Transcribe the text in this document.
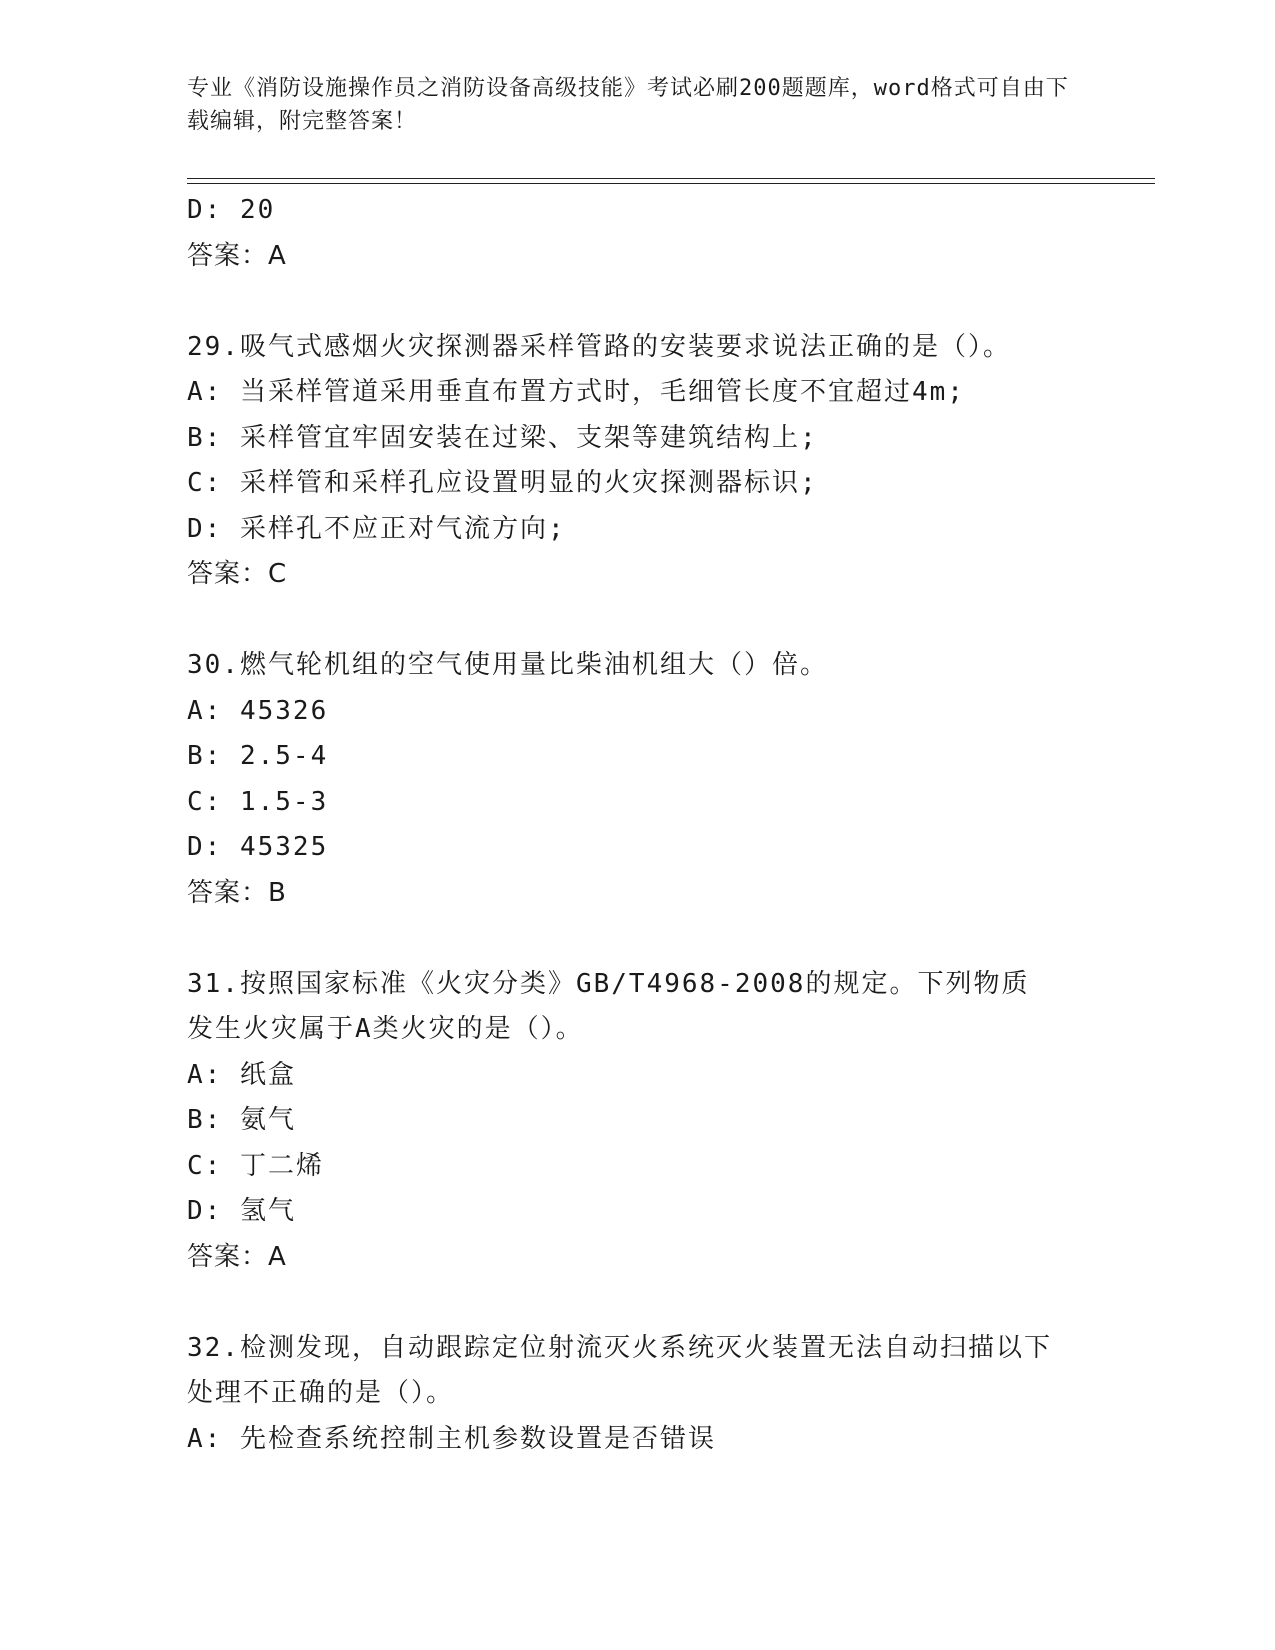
专业《消防设施操作员之消防设备高级技能》考试必刷200题题库，word格式可自由下载编辑，附完整答案！
D: 20
答案：A
29.吸气式感烟火灾探测器采样管路的安装要求说法正确的是（）。
A: 当采样管道采用垂直布置方式时，毛细管长度不宜超过4m;
B: 采样管宜牢固安装在过梁、支架等建筑结构上;
C: 采样管和采样孔应设置明显的火灾探测器标识;
D: 采样孔不应正对气流方向;
答案：C
30.燃气轮机组的空气使用量比柴油机组大（）倍。
A: 45326
B: 2.5-4
C: 1.5-3
D: 45325
答案：B
31.按照国家标准《火灾分类》GB/T4968-2008的规定。下列物质发生火灾属于A类火灾的是（）。
A: 纸盒
B: 氨气
C: 丁二烯
D: 氢气
答案：A
32.检测发现，自动跟踪定位射流灭火系统灭火装置无法自动扫描以下处理不正确的是（）。
A: 先检查系统控制主机参数设置是否错误
